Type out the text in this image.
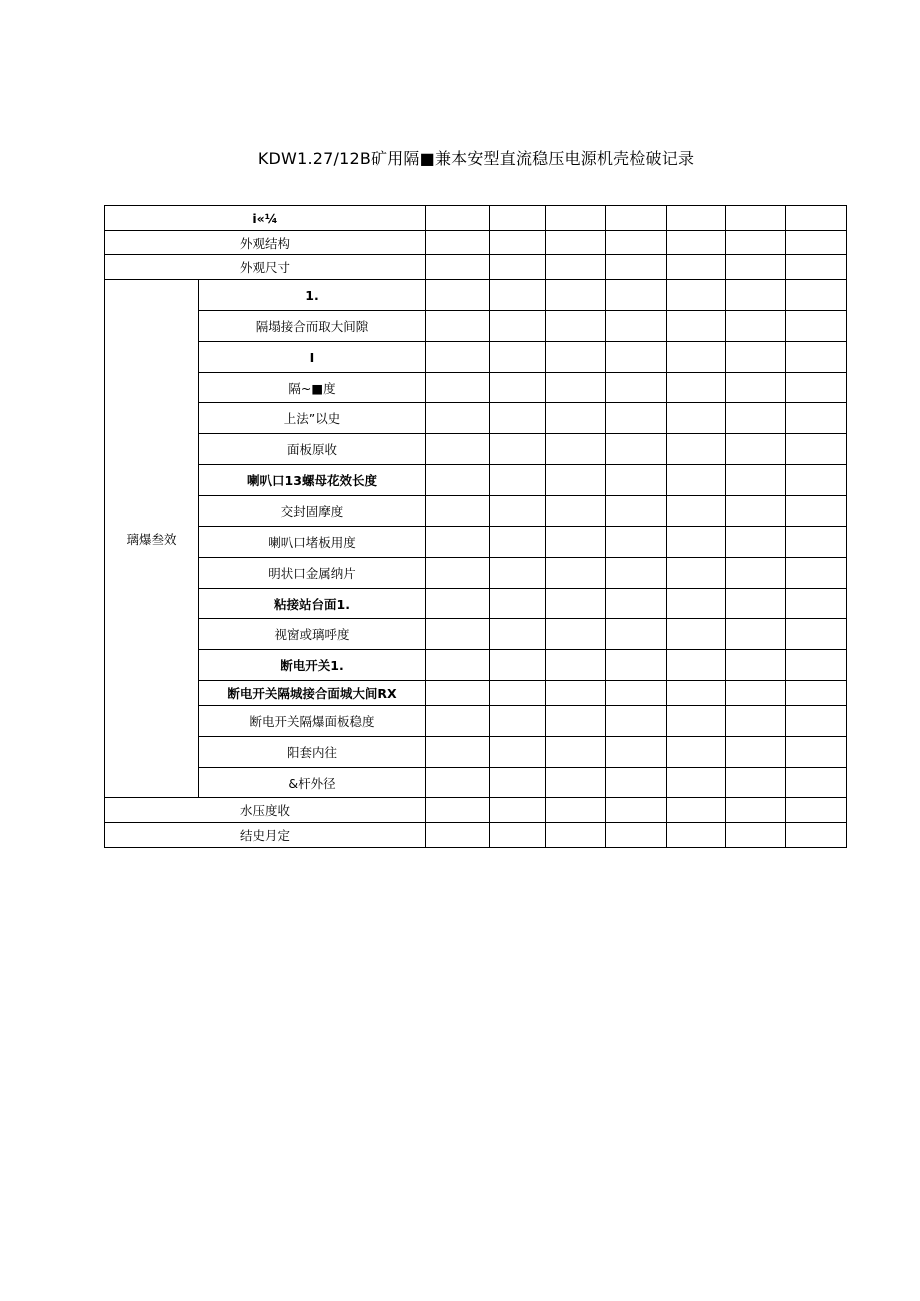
KDW1.27/12B矿用隔■兼本安型直流稳压电源机壳检破记录
i«¼								
外观结构								
外观尺寸								
璃爆叁效	1.							
	隔塌接合而取大间隙							
	I							
	隔~■度							
	上法”以史							
	面板原收							
	喇叭口13螺母花效长度							
	交封固摩度							
	喇叭口堵板用度							
	明状口金属纳片							
	粘接站台面1.							
	视窗或璃呼度							
	断电开关1.							
	断电开关隔城接合面城大间RX							
	断电开关隔爆面板稳度							
	阳套内往							
	&杆外径							
水压度收								
结史月定								
